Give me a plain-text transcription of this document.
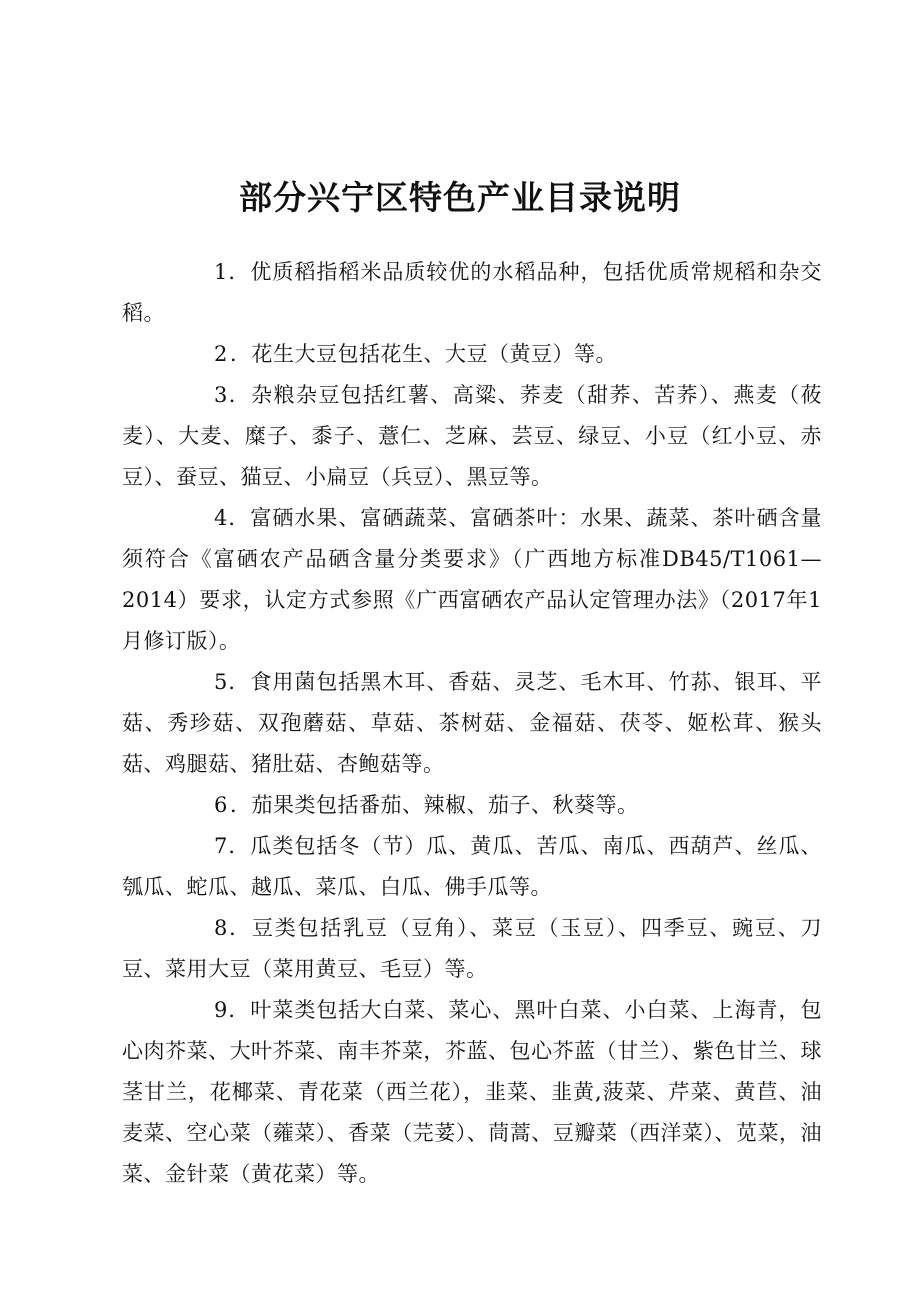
部分兴宁区特色产业目录说明

1．优质稻指稻米品质较优的水稻品种，包括优质常规稻和杂交稻。

2 ．花生大豆包括花生、大豆（黄豆）等。

3．杂粮杂豆包括红薯、高粱、荞麦（甜荞、苦荞）、燕麦（莜麦）、大麦、糜子、黍子、薏仁、芝麻、芸豆、绿豆、小豆（红小豆、赤豆）、蚕豆、猫豆、小扁豆（兵豆）、黑豆等。

4．富硒水果、富硒蔬菜、富硒茶叶：水果、蔬菜、茶叶硒含量须符合《富硒农产品硒含量分类要求》（广西地方标准DB45/T1061—2014）要求，认定方式参照《广西富硒农产品认定管理办法》（2017年1月修订版）。

5．食用菌包括黑木耳、香菇、灵芝、毛木耳、竹荪、银耳、平菇、秀珍菇、双孢蘑菇、草菇、茶树菇、金福菇、茯苓、姬松茸、猴头菇、鸡腿菇、猪肚菇、杏鲍菇等。

6 ．茄果类包括番茄、辣椒、茄子、秋葵等。

7．瓜类包括冬（节）瓜、黄瓜、苦瓜、南瓜、西葫芦、丝瓜、瓠瓜、蛇瓜、越瓜、菜瓜、白瓜、佛手瓜等。

8．豆类包括乳豆（豆角）、菜豆（玉豆）、四季豆、豌豆、刀豆、菜用大豆（菜用黄豆、毛豆）等。

9．叶菜类包括大白菜、菜心、黑叶白菜、小白菜、上海青，包心肉芥菜、大叶芥菜、南丰芥菜，芥蓝、包心芥蓝（甘兰）、紫色甘兰、球茎甘兰，花椰菜、青花菜（西兰花），韭菜、韭黄,菠菜、芹菜、黄苣、油麦菜、空心菜（蕹菜）、香菜（芫荽）、茼蒿、豆瓣菜（西洋菜）、苋菜，油菜、金针菜（黄花菜）等。
